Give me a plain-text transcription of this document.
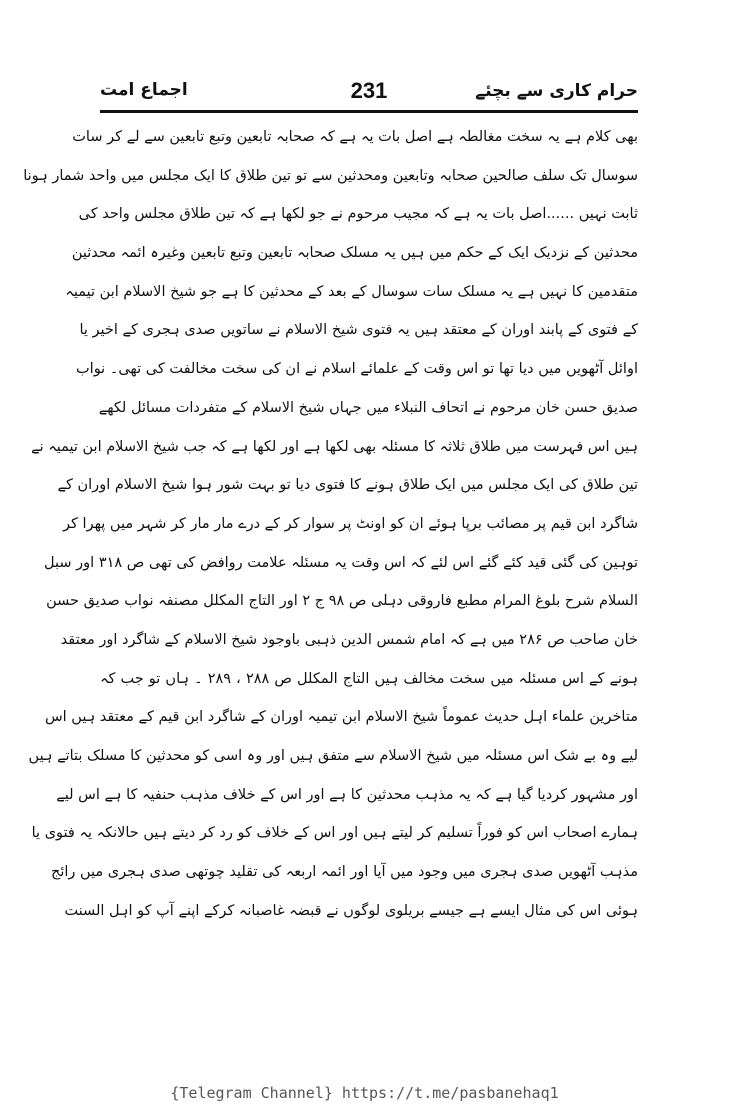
حرام کاری سے بچئے
231
اجماع امت
بھی کلام ہے یہ سخت مغالطہ ہے اصل بات یہ ہے کہ صحابہ تابعین وتبع تابعین سے لے کر سات
سوسال تک سلف صالحین صحابہ وتابعین ومحدثین سے تو تین طلاق کا ایک مجلس میں واحد شمار ہونا
ثابت نہیں ......اصل بات یہ ہے کہ مجیب مرحوم نے جو لکھا ہے کہ تین طلاق مجلس واحد کی
محدثین کے نزدیک ایک کے حکم میں ہیں یہ مسلک صحابہ تابعین وتبع تابعین وغیرہ ائمہ محدثین
متقدمین کا نہیں ہے یہ مسلک سات سوسال کے بعد کے محدثین کا ہے جو شیخ الاسلام ابن تیمیہ
کے فتوی کے پابند اوران کے معتقد ہیں یہ فتوی شیخ الاسلام نے ساتویں صدی ہجری کے اخیر یا
اوائل آٹھویں میں دیا تھا تو اس وقت کے علمائے اسلام نے ان کی سخت مخالفت کی تھی۔ نواب
صدیق حسن خان مرحوم نے اتحاف النبلاء میں جہاں شیخ الاسلام کے متفردات مسائل لکھے
ہیں اس فہرست میں طلاق ثلاثہ کا مسئلہ بھی لکھا ہے اور لکھا ہے کہ جب شیخ الاسلام ابن تیمیہ نے
تین طلاق کی ایک مجلس میں ایک طلاق ہونے کا فتوی دیا تو بہت شور ہوا شیخ الاسلام اوران کے
شاگرد ابن قیم پر مصائب برپا ہوئے ان کو اونٹ پر سوار کر کے درے مار مار کر شہر میں پھرا کر
توہین کی گئی قید کئے گئے اس لئے کہ اس وقت یہ مسئلہ علامت روافض کی تھی ص ۳۱۸ اور سبل
السلام شرح بلوغ المرام مطبع فاروقی دہلی ص ۹۸ ج ۲ اور التاج المکلل مصنفہ نواب صدیق حسن
خان صاحب ص ۲۸۶ میں ہے کہ امام شمس الدین ذہبی باوجود شیخ الاسلام کے شاگرد اور معتقد
ہونے کے اس مسئلہ میں سخت مخالف ہیں التاج المکلل ص ۲۸۸ ، ۲۸۹ ۔ ہاں تو جب کہ
متاخرین علماء اہل حدیث عموماً شیخ الاسلام ابن تیمیہ اوران کے شاگرد ابن قیم کے معتقد ہیں اس
لیے وہ بے شک اس مسئلہ میں شیخ الاسلام سے متفق ہیں اور وہ اسی کو محدثین کا مسلک بتاتے ہیں
اور مشہور کردیا گیا ہے کہ یہ مذہب محدثین کا ہے اور اس کے خلاف مذہب حنفیہ کا ہے اس لیے
ہمارے اصحاب اس کو فوراً تسلیم کر لیتے ہیں اور اس کے خلاف کو رد کر دیتے ہیں حالانکہ یہ فتوی یا
مذہب آٹھویں صدی ہجری میں وجود میں آیا اور ائمہ اربعہ کی تقلید چوتھی صدی ہجری میں رائج
ہوئی اس کی مثال ایسے ہے جیسے بریلوی لوگوں نے قبضہ غاصبانہ کرکے اپنے آپ کو اہل السنت
{Telegram Channel} https://t.me/pasbanehaq1
